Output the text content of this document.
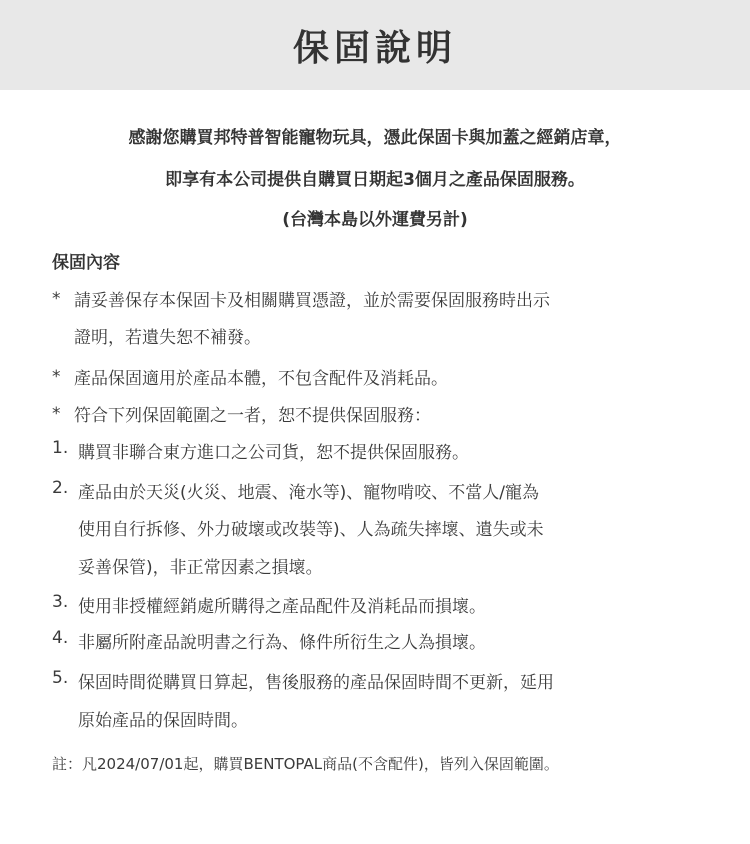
保固說明
感謝您購買邦特普智能寵物玩具，憑此保固卡與加蓋之經銷店章，
即享有本公司提供自購買日期起3個月之產品保固服務。
(台灣本島以外運費另計)
保固內容
* 請妥善保存本保固卡及相關購買憑證，並於需要保固服務時出示
證明，若遺失恕不補發。
* 產品保固適用於產品本體，不包含配件及消耗品。
* 符合下列保固範圍之一者，恕不提供保固服務：
1. 購買非聯合東方進口之公司貨，恕不提供保固服務。
2. 產品由於天災(火災、地震、淹水等)、寵物啃咬、不當人/寵為
使用自行拆修、外力破壞或改裝等)、人為疏失摔壞、遺失或未
妥善保管)，非正常因素之損壞。
3. 使用非授權經銷處所購得之產品配件及消耗品而損壞。
4. 非屬所附產品說明書之行為、條件所衍生之人為損壞。
5. 保固時間從購買日算起，售後服務的產品保固時間不更新，延用
原始產品的保固時間。
註：凡2024/07/01起，購買BENTOPAL商品(不含配件)，皆列入保固範圍。
